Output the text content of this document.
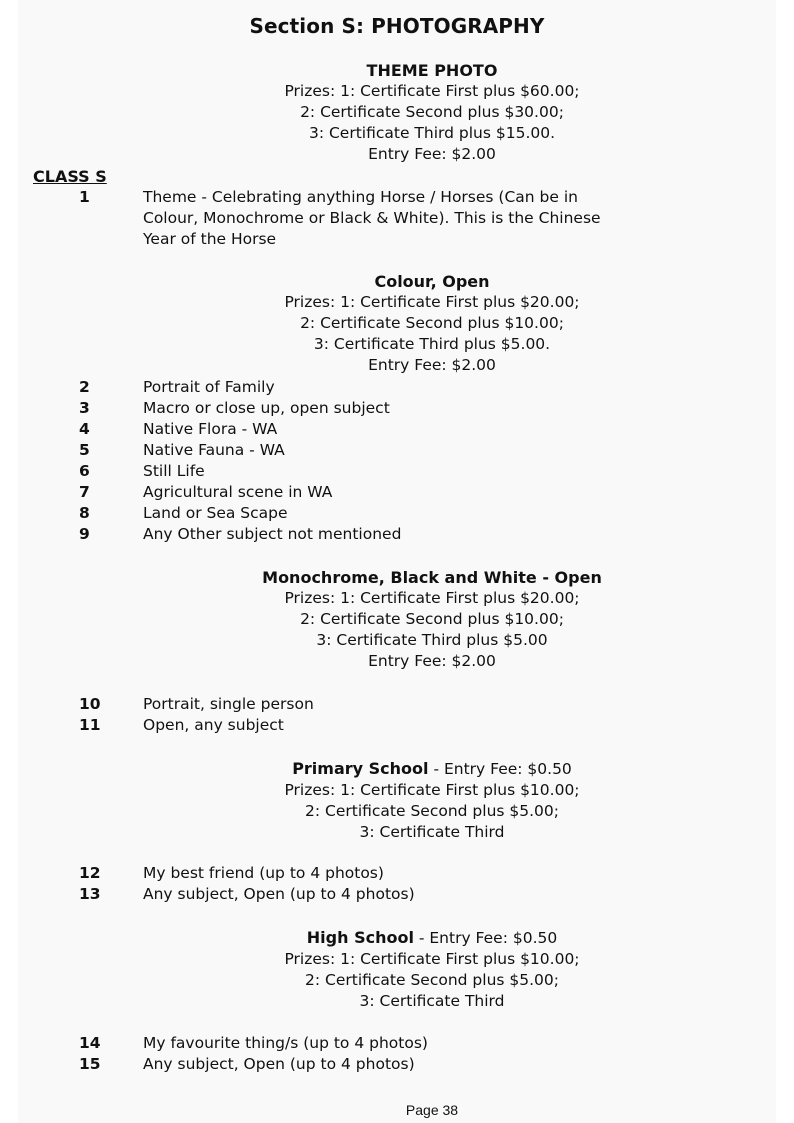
Section S: PHOTOGRAPHY
THEME PHOTO
Prizes: 1: Certificate First plus $60.00;
2: Certificate Second plus $30.00;
3: Certificate Third plus $15.00.
Entry Fee: $2.00
CLASS S
1	Theme - Celebrating anything Horse / Horses (Can be in
Colour, Monochrome or Black & White). This is the Chinese
Year of the Horse
Colour, Open
Prizes: 1: Certificate First plus $20.00;
2: Certificate Second plus $10.00;
3: Certificate Third plus $5.00.
Entry Fee: $2.00
2	Portrait of Family
3	Macro or close up, open subject
4	Native Flora - WA
5	Native Fauna - WA
6	Still Life
7	Agricultural scene in WA
8	Land or Sea Scape
9	Any Other subject not mentioned
Monochrome, Black and White - Open
Prizes: 1: Certificate First plus $20.00;
2: Certificate Second plus $10.00;
3: Certificate Third plus $5.00
Entry Fee: $2.00
10	Portrait, single person
11	Open, any subject
Primary School - Entry Fee: $0.50
Prizes: 1: Certificate First plus $10.00;
2: Certificate Second plus $5.00;
3: Certificate Third
12	My best friend (up to 4 photos)
13	Any subject, Open (up to 4 photos)
High School - Entry Fee: $0.50
Prizes: 1: Certificate First plus $10.00;
2: Certificate Second plus $5.00;
3: Certificate Third
14	My favourite thing/s (up to 4 photos)
15	Any subject, Open (up to 4 photos)
Page 38
